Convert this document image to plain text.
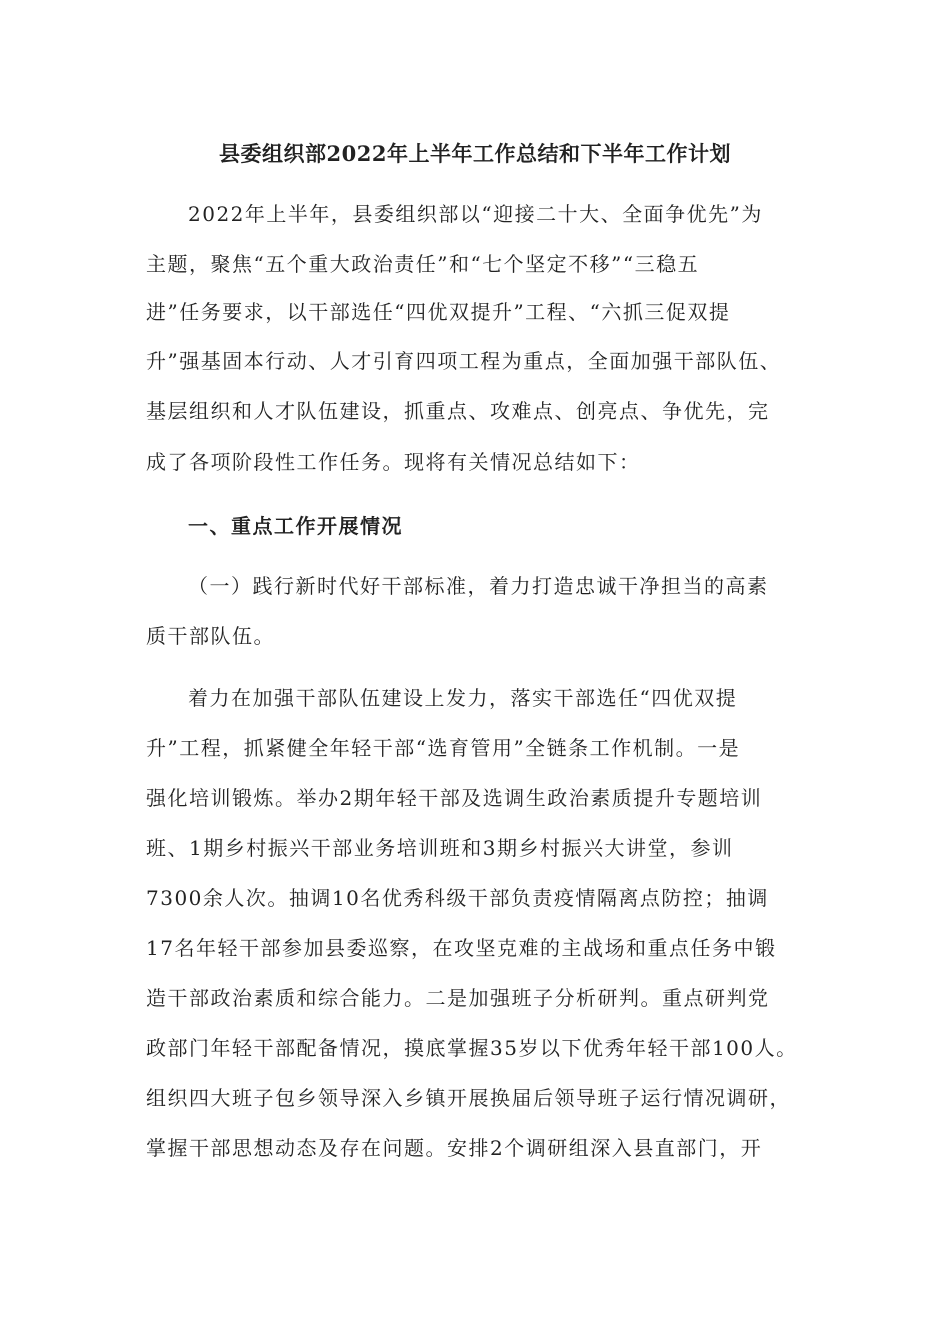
县委组织部2022年上半年工作总结和下半年工作计划
2022年上半年，县委组织部以“迎接二十大、全面争优先”为
主题，聚焦“五个重大政治责任”和“七个坚定不移”“三稳五
进”任务要求，以干部选任“四优双提升”工程、“六抓三促双提
升”强基固本行动、人才引育四项工程为重点，全面加强干部队伍、
基层组织和人才队伍建设，抓重点、攻难点、创亮点、争优先，完
成了各项阶段性工作任务。现将有关情况总结如下：
一、重点工作开展情况
（一）践行新时代好干部标准，着力打造忠诚干净担当的高素
质干部队伍。
着力在加强干部队伍建设上发力，落实干部选任“四优双提
升”工程，抓紧健全年轻干部“选育管用”全链条工作机制。一是
强化培训锻炼。举办2期年轻干部及选调生政治素质提升专题培训
班、1期乡村振兴干部业务培训班和3期乡村振兴大讲堂，参训
7300余人次。抽调10名优秀科级干部负责疫情隔离点防控；抽调
17名年轻干部参加县委巡察，在攻坚克难的主战场和重点任务中锻
造干部政治素质和综合能力。二是加强班子分析研判。重点研判党
政部门年轻干部配备情况，摸底掌握35岁以下优秀年轻干部100人。
组织四大班子包乡领导深入乡镇开展换届后领导班子运行情况调研，
掌握干部思想动态及存在问题。安排2个调研组深入县直部门，开
